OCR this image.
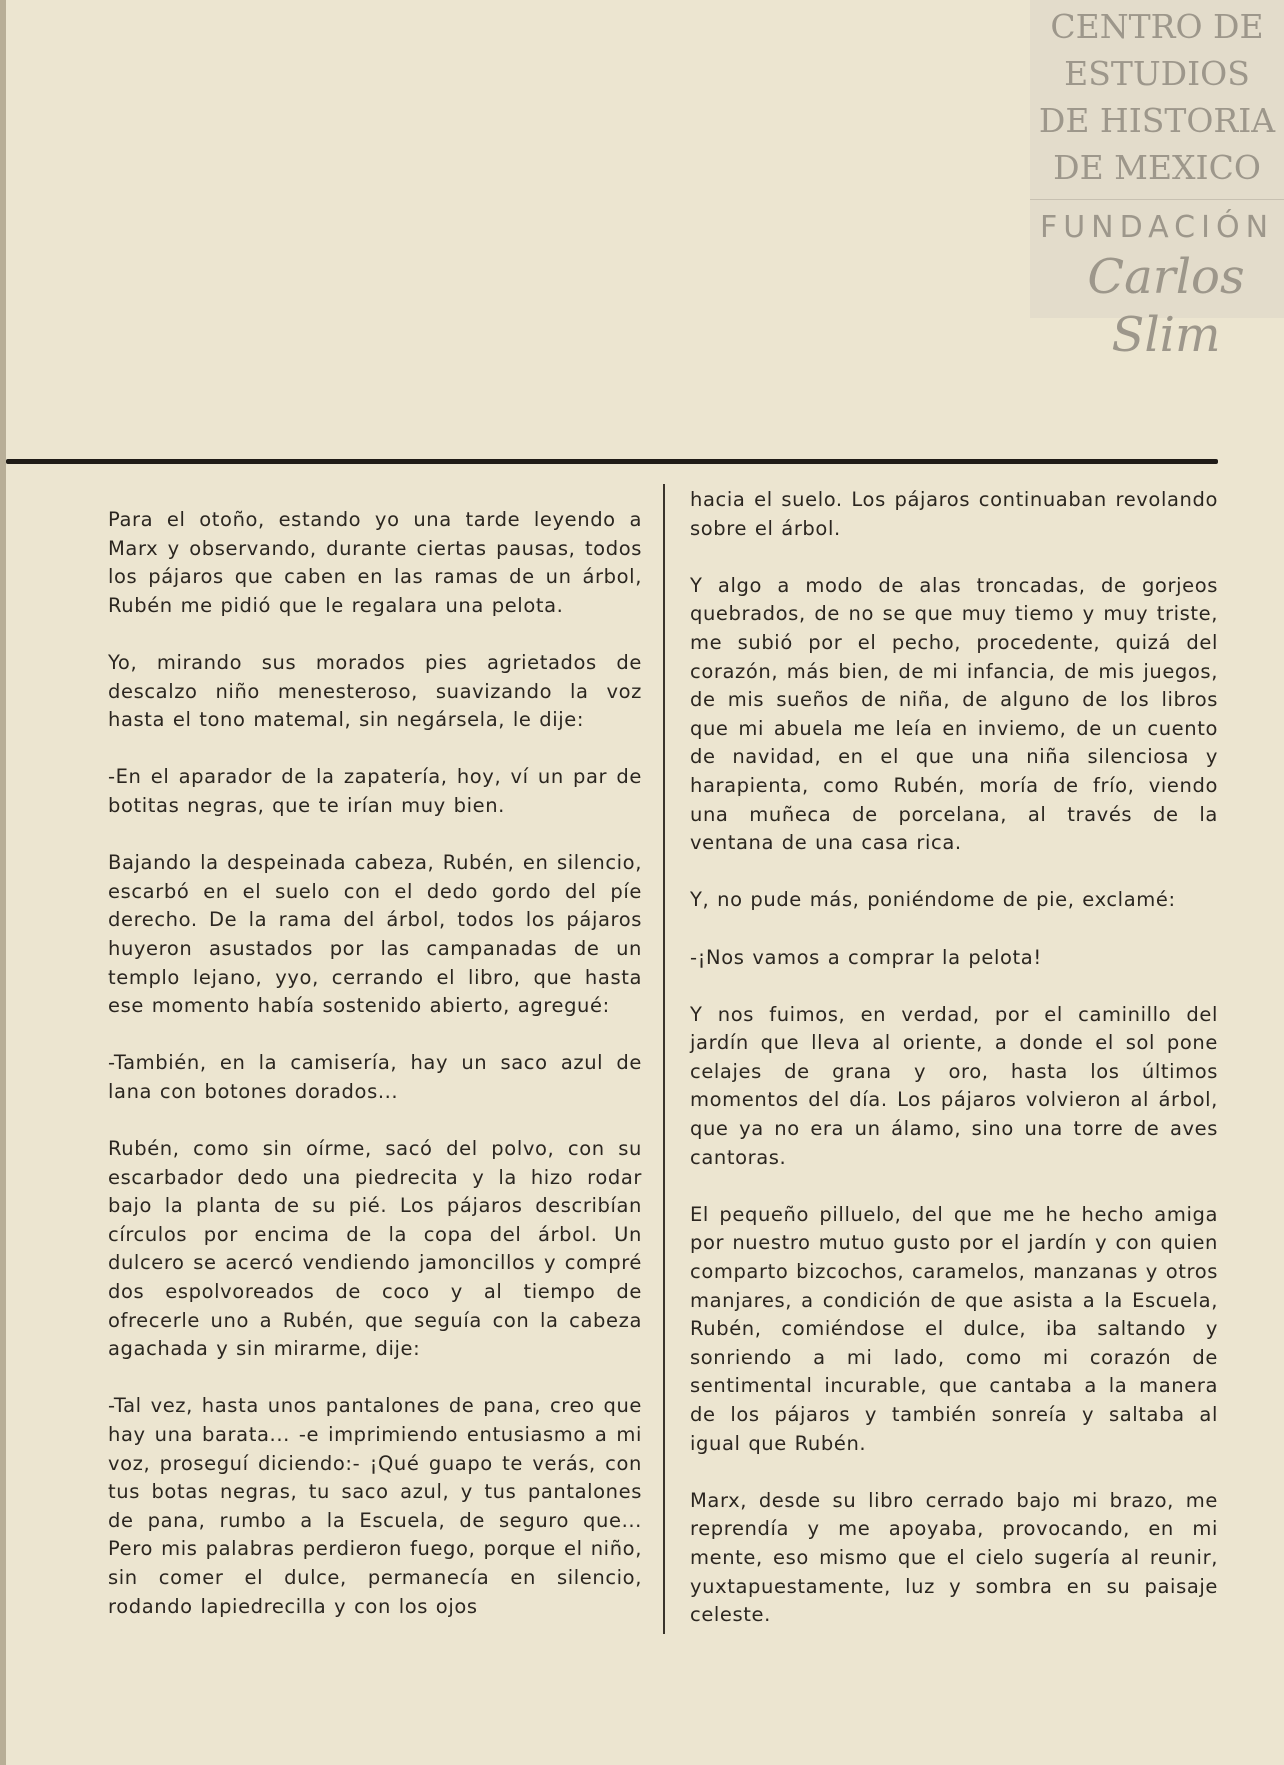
CENTRO DE
ESTUDIOS
DE HISTORIA
DE MEXICO
FUNDACIÓN
Carlos Slim

Para el otoño, estando yo una tarde leyendo a Marx y observando, durante ciertas pausas, todos los pájaros que caben en las ramas de un árbol, Rubén me pidió que le regalara una pelota.

Yo, mirando sus morados pies agrietados de descalzo niño menesteroso, suavizando la voz hasta el tono matemal, sin negársela, le dije:

-En el aparador de la zapatería, hoy, ví un par de botitas negras, que te irían muy bien.

Bajando la despeinada cabeza, Rubén, en silencio, escarbó en el suelo con el dedo gordo del píe derecho. De la rama del árbol, todos los pájaros huyeron asustados por las campanadas de un templo lejano, yyo, cerrando el libro, que hasta ese momento había sostenido abierto, agregué:

-También, en la camisería, hay un saco azul de lana con botones dorados...

Rubén, como sin oírme, sacó del polvo, con su escarbador dedo una piedrecita y la hizo rodar bajo la planta de su pié. Los pájaros describían círculos por encima de la copa del árbol. Un dulcero se acercó vendiendo jamoncillos y compré dos espolvoreados de coco y al tiempo de ofrecerle uno a Rubén, que seguía con la cabeza agachada y sin mirarme, dije:

-Tal vez, hasta unos pantalones de pana, creo que hay una barata... -e imprimiendo entusiasmo a mi voz, proseguí diciendo:- ¡Qué guapo te verás, con tus botas negras, tu saco azul, y tus pantalones de pana, rumbo a la Escuela, de seguro que... Pero mis palabras perdieron fuego, porque el niño, sin comer el dulce, permanecía en silencio, rodando lapiedrecilla y con los ojos

hacia el suelo. Los pájaros continuaban revolando sobre el árbol.

Y algo a modo de alas troncadas, de gorjeos quebrados, de no se que muy tiemo y muy triste, me subió por el pecho, procedente, quizá del corazón, más bien, de mi infancia, de mis juegos, de mis sueños de niña, de alguno de los libros que mi abuela me leía en inviemo, de un cuento de navidad, en el que una niña silenciosa y harapienta, como Rubén, moría de frío, viendo una muñeca de porcelana, al través de la ventana de una casa rica.

Y, no pude más, poniéndome de pie, exclamé:

-¡Nos vamos a comprar la pelota!

Y nos fuimos, en verdad, por el caminillo del jardín que lleva al oriente, a donde el sol pone celajes de grana y oro, hasta los últimos momentos del día. Los pájaros volvieron al árbol, que ya no era un álamo, sino una torre de aves cantoras.

El pequeño pilluelo, del que me he hecho amiga por nuestro mutuo gusto por el jardín y con quien comparto bizcochos, caramelos, manzanas y otros manjares, a condición de que asista a la Escuela, Rubén, comiéndose el dulce, iba saltando y sonriendo a mi lado, como mi corazón de sentimental incurable, que cantaba a la manera de los pájaros y también sonreía y saltaba al igual que Rubén.

Marx, desde su libro cerrado bajo mi brazo, me reprendía y me apoyaba, provocando, en mi mente, eso mismo que el cielo sugería al reunir, yuxtapuestamente, luz y sombra en su paisaje celeste.
